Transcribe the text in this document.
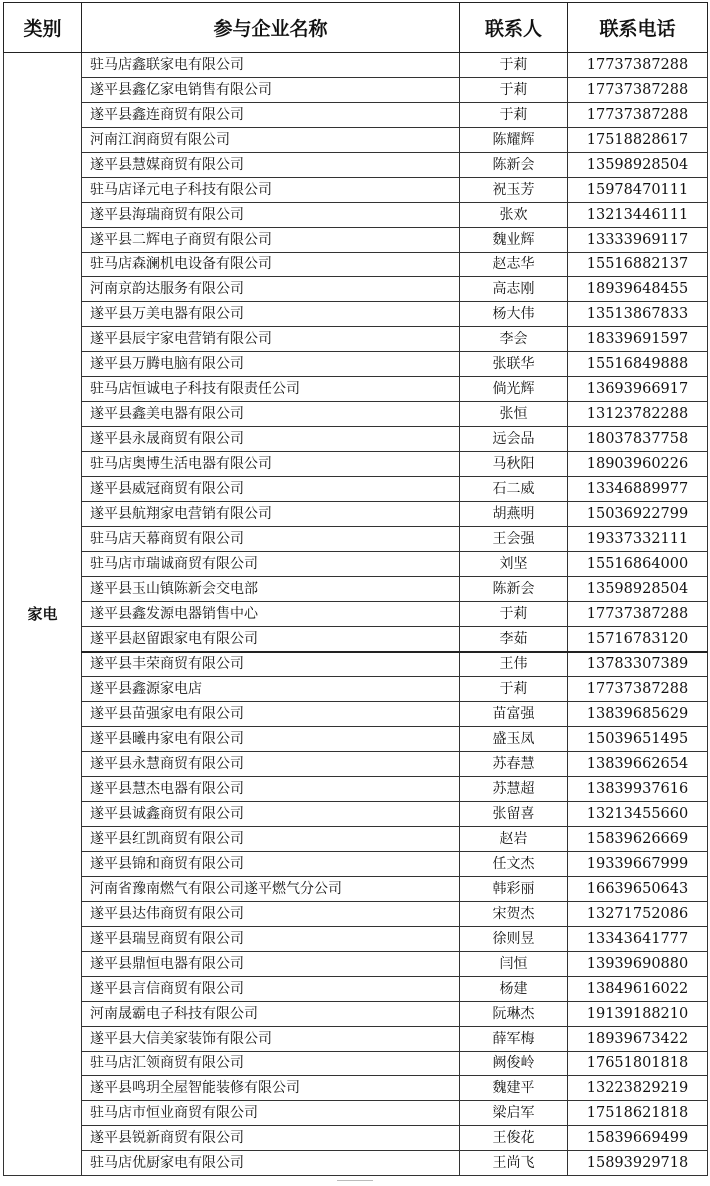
类别	参与企业名称	联系人	联系电话
家电	驻马店鑫联家电有限公司	于莉	17737387288
	遂平县鑫亿家电销售有限公司	于莉	17737387288
	遂平县鑫连商贸有限公司	于莉	17737387288
	河南江润商贸有限公司	陈耀辉	17518828617
	遂平县慧媒商贸有限公司	陈新会	13598928504
	驻马店译元电子科技有限公司	祝玉芳	15978470111
	遂平县海瑞商贸有限公司	张欢	13213446111
	遂平县二辉电子商贸有限公司	魏业辉	13333969117
	驻马店森澜机电设备有限公司	赵志华	15516882137
	河南京韵达服务有限公司	高志刚	18939648455
	遂平县万美电器有限公司	杨大伟	13513867833
	遂平县辰宇家电营销有限公司	李会	18339691597
	遂平县万腾电脑有限公司	张联华	15516849888
	驻马店恒诚电子科技有限责任公司	倘光辉	13693966917
	遂平县鑫美电器有限公司	张恒	13123782288
	遂平县永晟商贸有限公司	远会品	18037837758
	驻马店奥博生活电器有限公司	马秋阳	18903960226
	遂平县威冠商贸有限公司	石二威	13346889977
	遂平县航翔家电营销有限公司	胡燕明	15036922799
	驻马店天幕商贸有限公司	王会强	19337332111
	驻马店市瑞诚商贸有限公司	刘坚	15516864000
	遂平县玉山镇陈新会交电部	陈新会	13598928504
	遂平县鑫发源电器销售中心	于莉	17737387288
	遂平县赵留跟家电有限公司	李茹	15716783120
	遂平县丰荣商贸有限公司	王伟	13783307389
	遂平县鑫源家电店	于莉	17737387288
	遂平县苗强家电有限公司	苗富强	13839685629
	遂平县曦冉家电有限公司	盛玉凤	15039651495
	遂平县永慧商贸有限公司	苏春慧	13839662654
	遂平县慧杰电器有限公司	苏慧超	13839937616
	遂平县诚鑫商贸有限公司	张留喜	13213455660
	遂平县红凯商贸有限公司	赵岩	15839626669
	遂平县锦和商贸有限公司	任文杰	19339667999
	河南省豫南燃气有限公司遂平燃气分公司	韩彩丽	16639650643
	遂平县达伟商贸有限公司	宋贺杰	13271752086
	遂平县瑞昱商贸有限公司	徐则昱	13343641777
	遂平县鼎恒电器有限公司	闫恒	13939690880
	遂平县言信商贸有限公司	杨建	13849616022
	河南晟霸电子科技有限公司	阮琳杰	19139188210
	遂平县大信美家装饰有限公司	薛军梅	18939673422
	驻马店汇领商贸有限公司	阙俊岭	17651801818
	遂平县鸣玥全屋智能装修有限公司	魏建平	13223829219
	驻马店市恒业商贸有限公司	梁启军	17518621818
	遂平县锐新商贸有限公司	王俊花	15839669499
	驻马店优厨家电有限公司	王尚飞	15893929718
